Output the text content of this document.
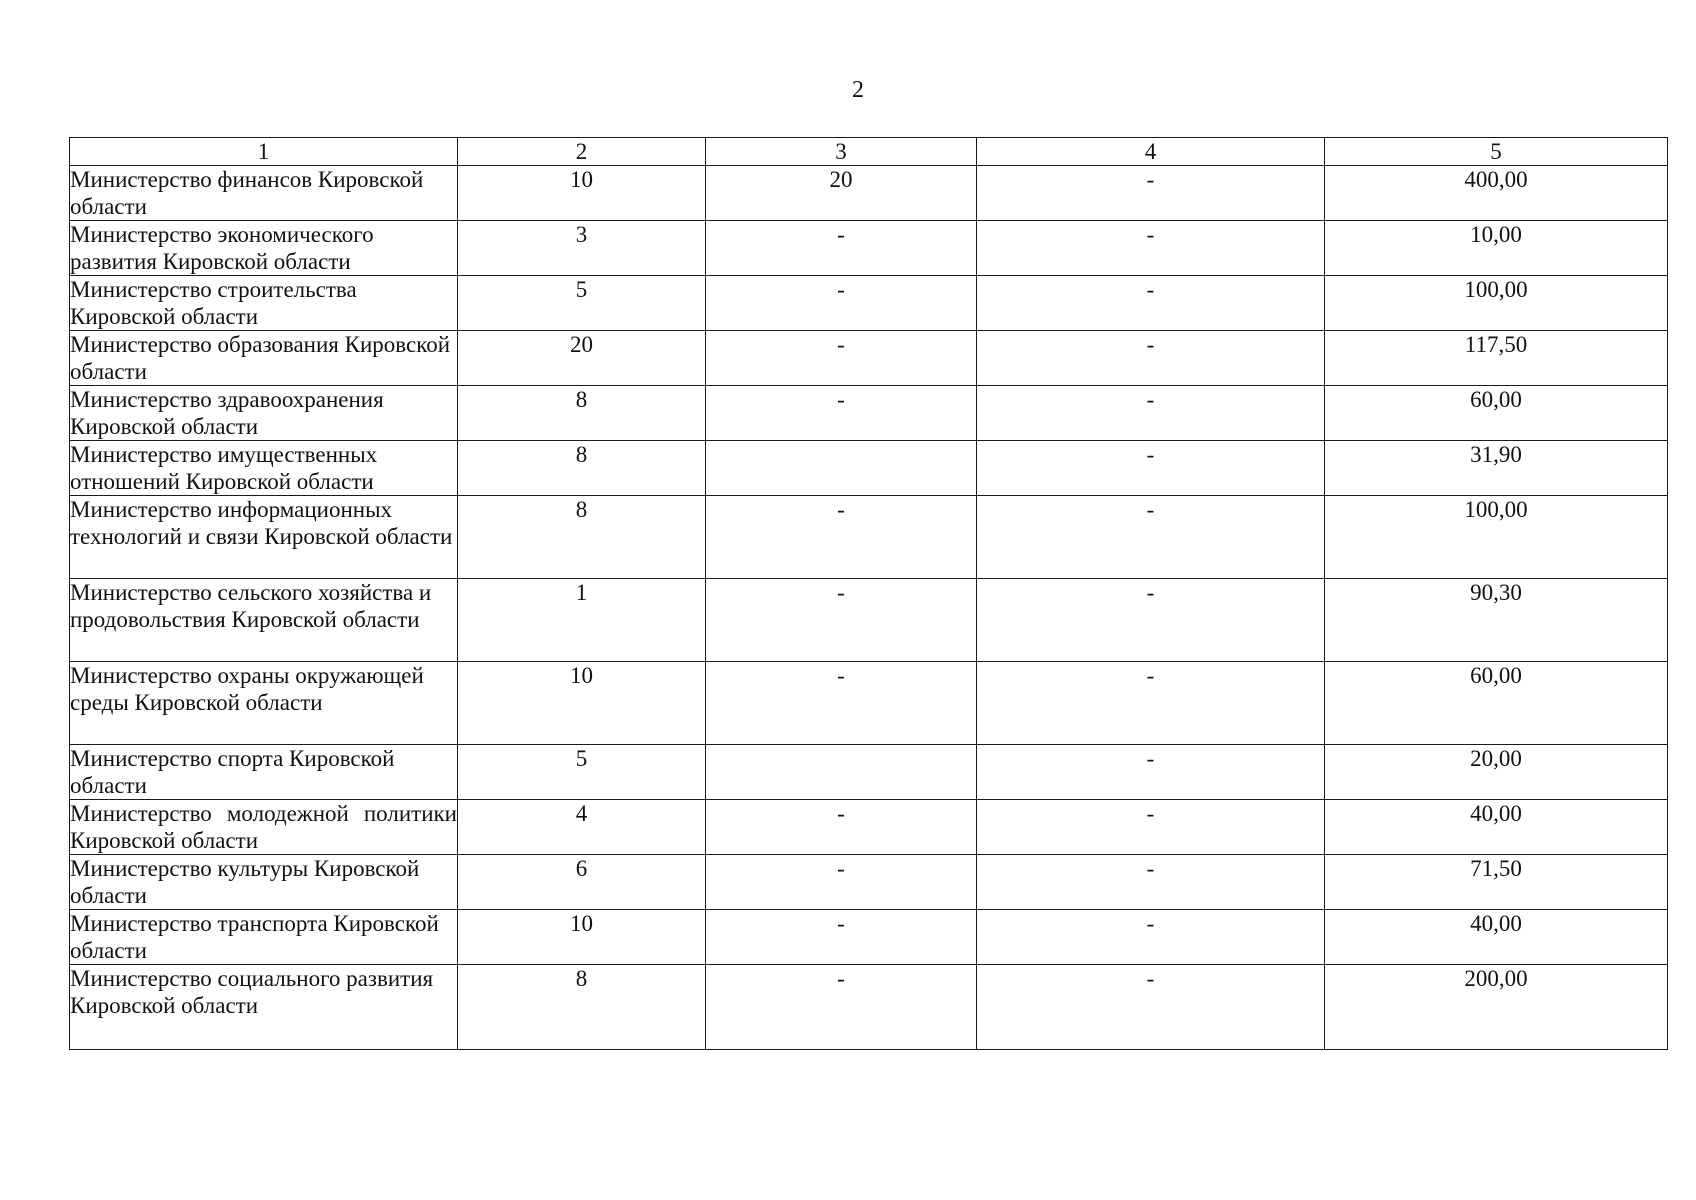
2
1	2	3	4	5
Министерство финансов Кировской области	10	20	-	400,00
Министерство экономического развития Кировской области	3	-	-	10,00
Министерство строительства Кировской области	5	-	-	100,00
Министерство образования Кировской области	20	-	-	117,50
Министерство здравоохранения Кировской области	8	-	-	60,00
Министерство имущественных отношений Кировской области	8		-	31,90
Министерство информационных технологий и связи Кировской области	8	-	-	100,00
Министерство сельского хозяйства и продовольствия Кировской области	1	-	-	90,30
Министерство охраны окружающей среды Кировской области	10	-	-	60,00
Министерство спорта Кировской области	5		-	20,00
Министерство молодежной политики Кировской области	4	-	-	40,00
Министерство культуры Кировской области	6	-	-	71,50
Министерство транспорта Кировской области	10	-	-	40,00
Министерство социального развития Кировской области	8	-	-	200,00
